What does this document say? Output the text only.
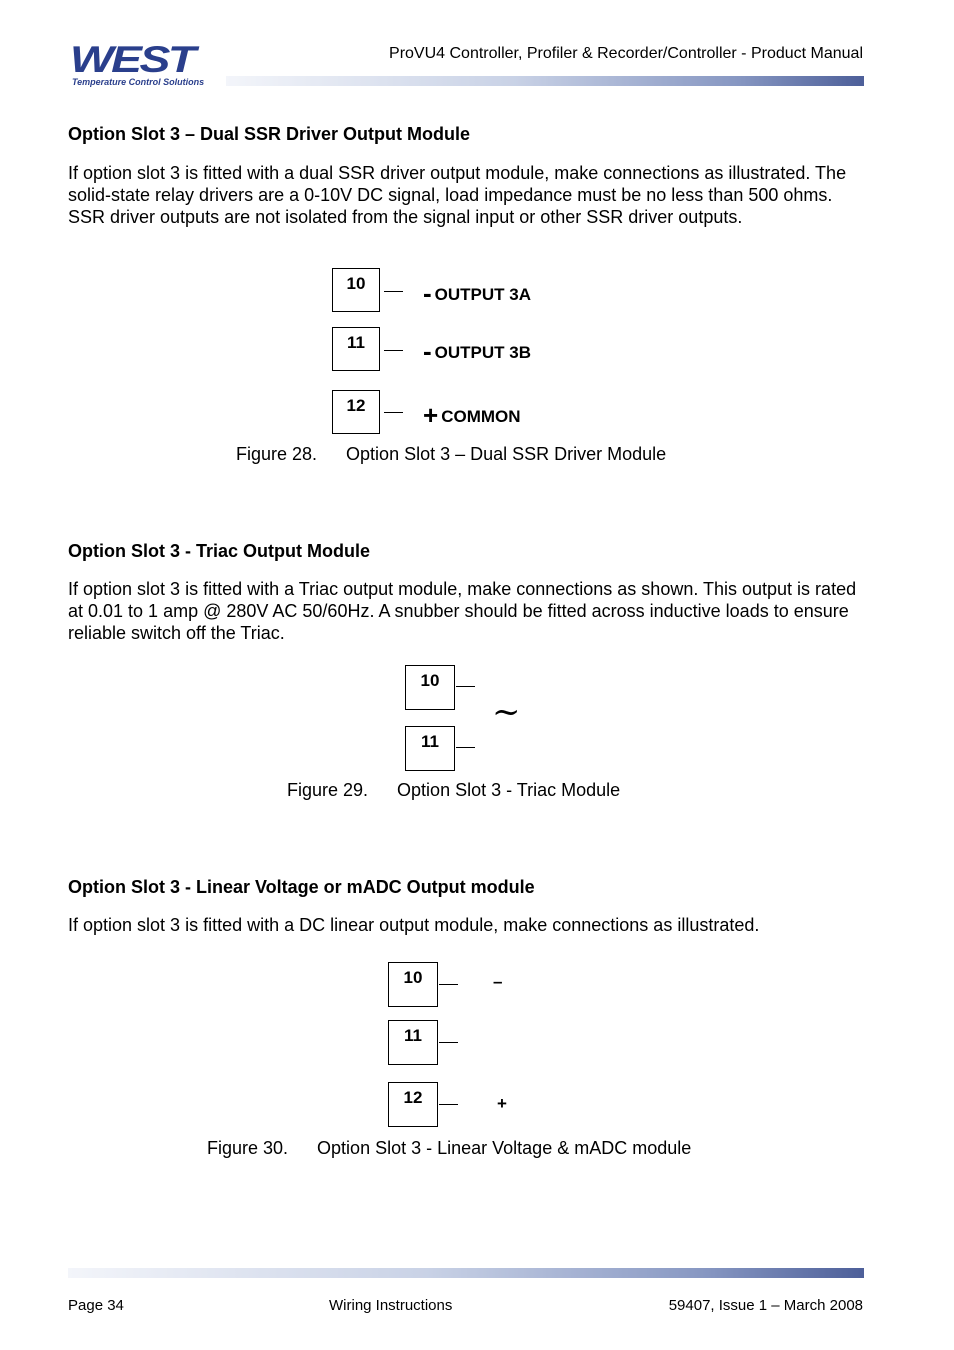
WEST
Temperature Control Solutions
ProVU4 Controller, Profiler & Recorder/Controller - Product Manual
Option Slot 3 – Dual SSR Driver Output Module
If option slot 3 is fitted with a dual SSR driver output module, make connections as illustrated. The solid-state relay drivers are a 0-10V DC signal, load impedance must be no less than 500 ohms. SSR driver outputs are not isolated from the signal input or other SSR driver outputs.
10	- OUTPUT 3A
11	- OUTPUT 3B
12	+ COMMON
Figure 28. Option Slot 3 – Dual SSR Driver Module
Option Slot 3 - Triac Output Module
If option slot 3 is fitted with a Triac output module, make connections as shown. This output is rated at 0.01 to 1 amp @ 280V AC 50/60Hz. A snubber should be fitted across inductive loads to ensure reliable switch off the Triac.
10
11
~
Figure 29. Option Slot 3 - Triac Module
Option Slot 3 - Linear Voltage or mADC Output module
If option slot 3 is fitted with a DC linear output module, make connections as illustrated.
10	–
11
12	+
Figure 30. Option Slot 3 - Linear Voltage & mADC module
Page 34	Wiring Instructions	59407, Issue 1 – March 2008
